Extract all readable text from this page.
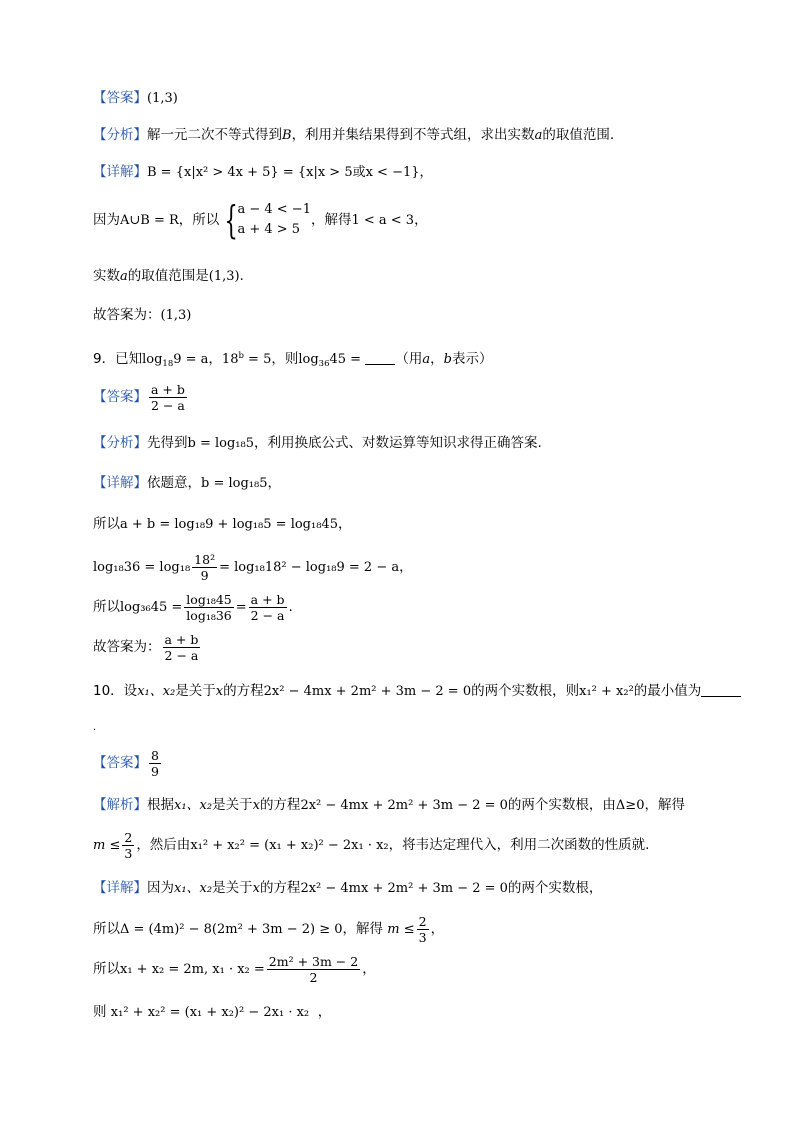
【答案】(1,3)
【分析】解一元二次不等式得到B，利用并集结果得到不等式组，求出实数a的取值范围.
【详解】B = {x|x² > 4x + 5} = {x|x > 5或x < −1}，
因为A∪B = R，所以 { a − 4 < −1
a + 4 > 5
，解得1 < a < 3，
实数a的取值范围是(1,3).
故答案为：(1,3)
9．已知$\log_{18}9 = a$，$18^b = 5$，则$\log_{36}45$ =	（用a，b表示）
【答案】 $\frac{a + b}{2 - a}$
【分析】先得到b = log₁₈5，利用换底公式、对数运算等知识求得正确答案.
【详解】依题意，b = log₁₈5，
所以a + b = log₁₈9 + log₁₈5 = log₁₈45，
$\log_{18}36 = \log_{18} \frac{\text{18²}}{9} = \log_{18}18^2 - \log_{18}9 = 2 - a$，
所以$\log_{36}45 = \frac{\text{log₁₈45}}{\text{log₁₈36}} = \frac{a + b}{2 - a}$ .
故答案为： $\frac{a + b}{2 - a}$
10．设x₁、x₂是关于x的方程2x² − 4mx + 2m² + 3m − 2 = 0的两个实数根，则x₁² + x₂²的最小值为
.
【答案】 $\frac{8}{9}$
【解析】根据x₁、x₂是关于x的方程2x² − 4mx + 2m² + 3m − 2 = 0的两个实数根，由Δ≥0，解得
$m \le \frac{2}{3}$ ，然后由x₁² + x₂² = (x₁ + x₂)² − 2x₁ · x₂，将韦达定理代入，利用二次函数的性质就.
【详解】因为x₁、x₂是关于x的方程2x² − 4mx + 2m² + 3m − 2 = 0的两个实数根，
所以Δ = (4m)² − 8(2m² + 3m − 2) ≥ 0，解得 $m \le \frac{2}{3}$ ，
所以x₁ + x₂ = 2m, $x_1 \cdot x_2 = \frac{\text{2m² + 3m − 2}}{2}$ ，
则 x₁² + x₂² = (x₁ + x₂)² − 2x₁ · x₂ ，
